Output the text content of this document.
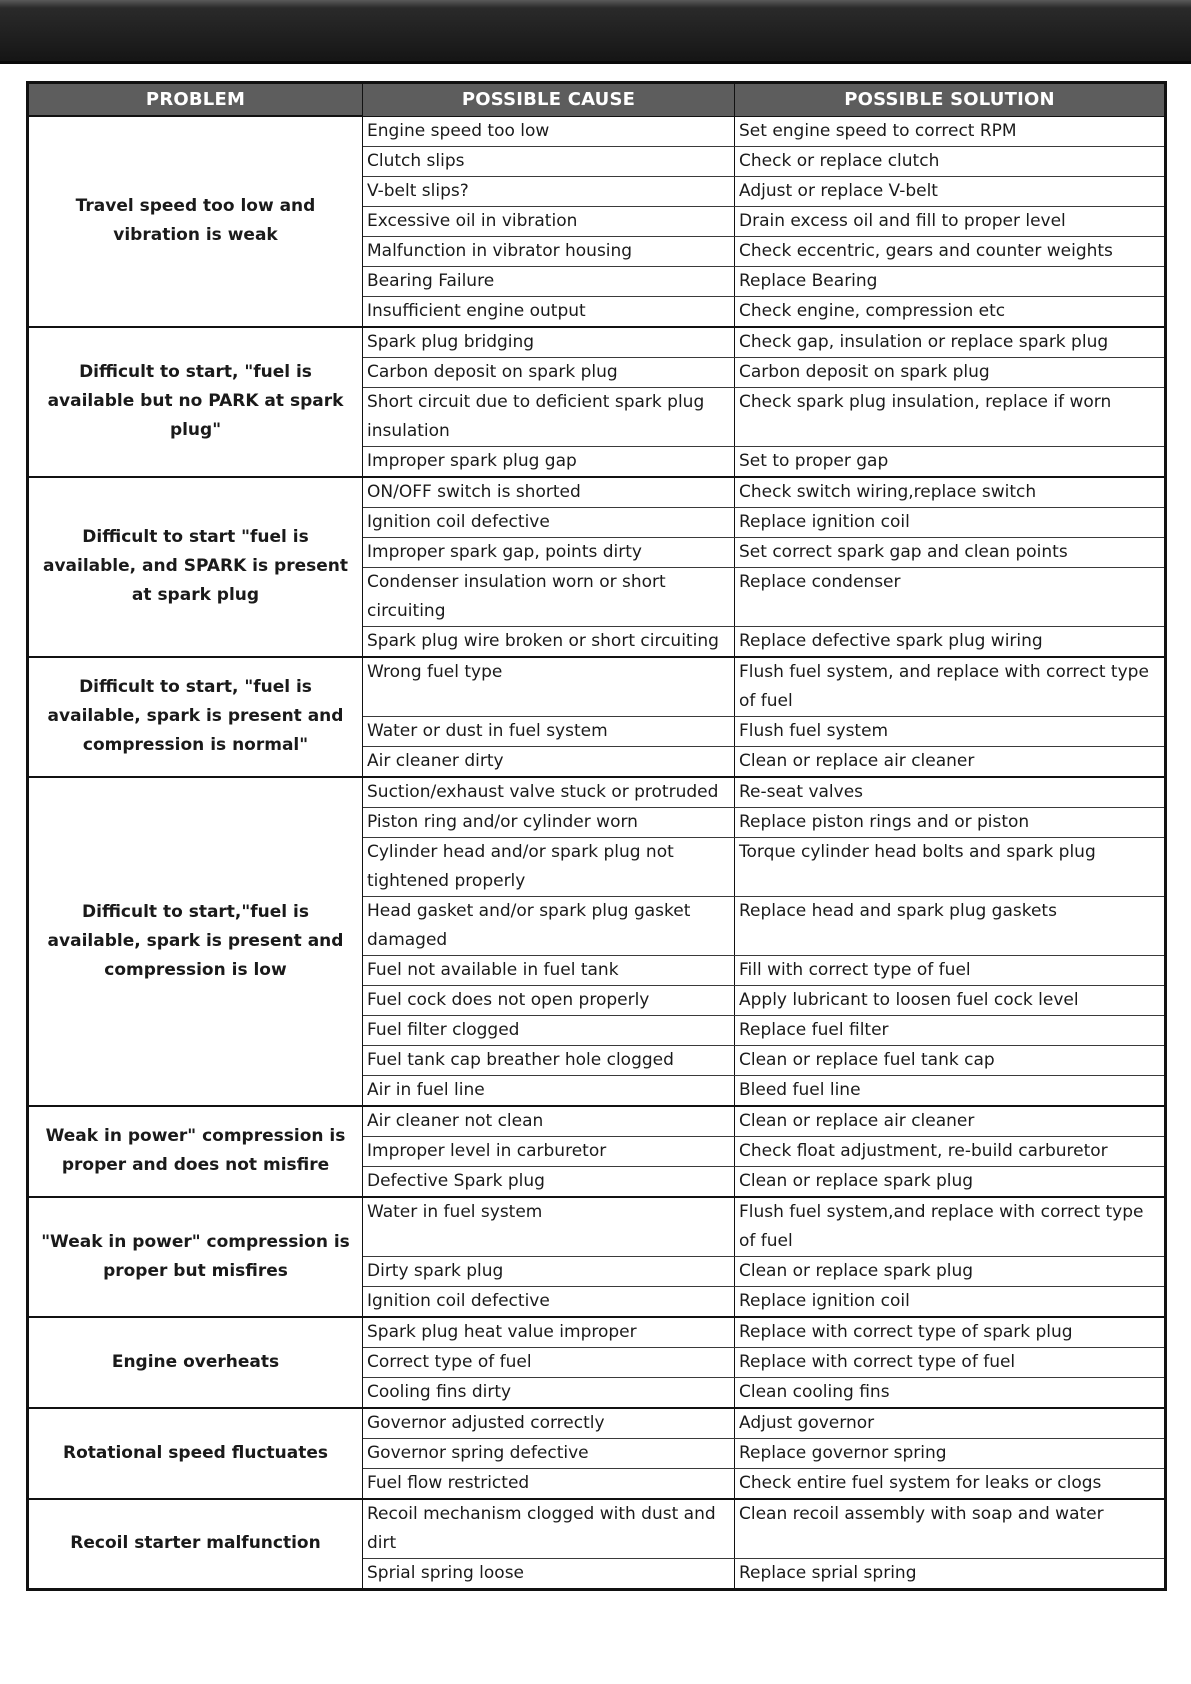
PROBLEM	POSSIBLE CAUSE	POSSIBLE SOLUTION
Travel speed too low and vibration is weak	Engine speed too low	Set engine speed to correct RPM
	Clutch slips	Check or replace clutch
	V-belt slips?	Adjust or replace V-belt
	Excessive oil in vibration	Drain excess oil and fill to proper level
	Malfunction in vibrator housing	Check eccentric, gears and counter weights
	Bearing Failure	Replace Bearing
	Insufficient engine output	Check engine, compression etc
Difficult to start, "fuel is available but no PARK at spark plug"	Spark plug bridging	Check gap, insulation or replace spark plug
	Carbon deposit on spark plug	Carbon deposit on spark plug
	Short circuit due to deficient spark plug insulation	Check spark plug insulation, replace if worn
	Improper spark plug gap	Set to proper gap
Difficult to start "fuel is available, and SPARK is present at spark plug	ON/OFF switch is shorted	Check switch wiring,replace switch
	Ignition coil defective	Replace ignition coil
	Improper spark gap, points dirty	Set correct spark gap and clean points
	Condenser insulation worn or short circuiting	Replace condenser
	Spark plug wire broken or short circuiting	Replace defective spark plug wiring
Difficult to start, "fuel is available, spark is present and compression is normal"	Wrong fuel type	Flush fuel system, and replace with correct type of fuel
	Water or dust in fuel system	Flush fuel system
	Air cleaner dirty	Clean or replace air cleaner
Difficult to start,"fuel is available, spark is present and compression is low	Suction/exhaust valve stuck or protruded	Re-seat valves
	Piston ring and/or cylinder worn	Replace piston rings and or piston
	Cylinder head and/or spark plug not tightened properly	Torque cylinder head bolts and spark plug
	Head gasket and/or spark plug gasket damaged	Replace head and spark plug gaskets
	Fuel not available in fuel tank	Fill with correct type of fuel
	Fuel cock does not open properly	Apply lubricant to loosen fuel cock level
	Fuel filter clogged	Replace fuel filter
	Fuel tank cap breather hole clogged	Clean or replace fuel tank cap
	Air in fuel line	Bleed fuel line
Weak in power" compression is proper and does not misfire	Air cleaner not clean	Clean or replace air cleaner
	Improper level in carburetor	Check float adjustment, re-build carburetor
	Defective Spark plug	Clean or replace spark plug
"Weak in power" compression is proper but misfires	Water in fuel system	Flush fuel system,and replace with correct type of fuel
	Dirty spark plug	Clean or replace spark plug
	Ignition coil defective	Replace ignition coil
Engine overheats	Spark plug heat value improper	Replace with correct type of spark plug
	Correct type of fuel	Replace with correct type of fuel
	Cooling fins dirty	Clean cooling fins
Rotational speed fluctuates	Governor adjusted correctly	Adjust governor
	Governor spring defective	Replace governor spring
	Fuel flow restricted	Check entire fuel system for leaks or clogs
Recoil starter malfunction	Recoil mechanism clogged with dust and dirt	Clean recoil assembly with soap and water
	Sprial spring loose	Replace sprial spring
